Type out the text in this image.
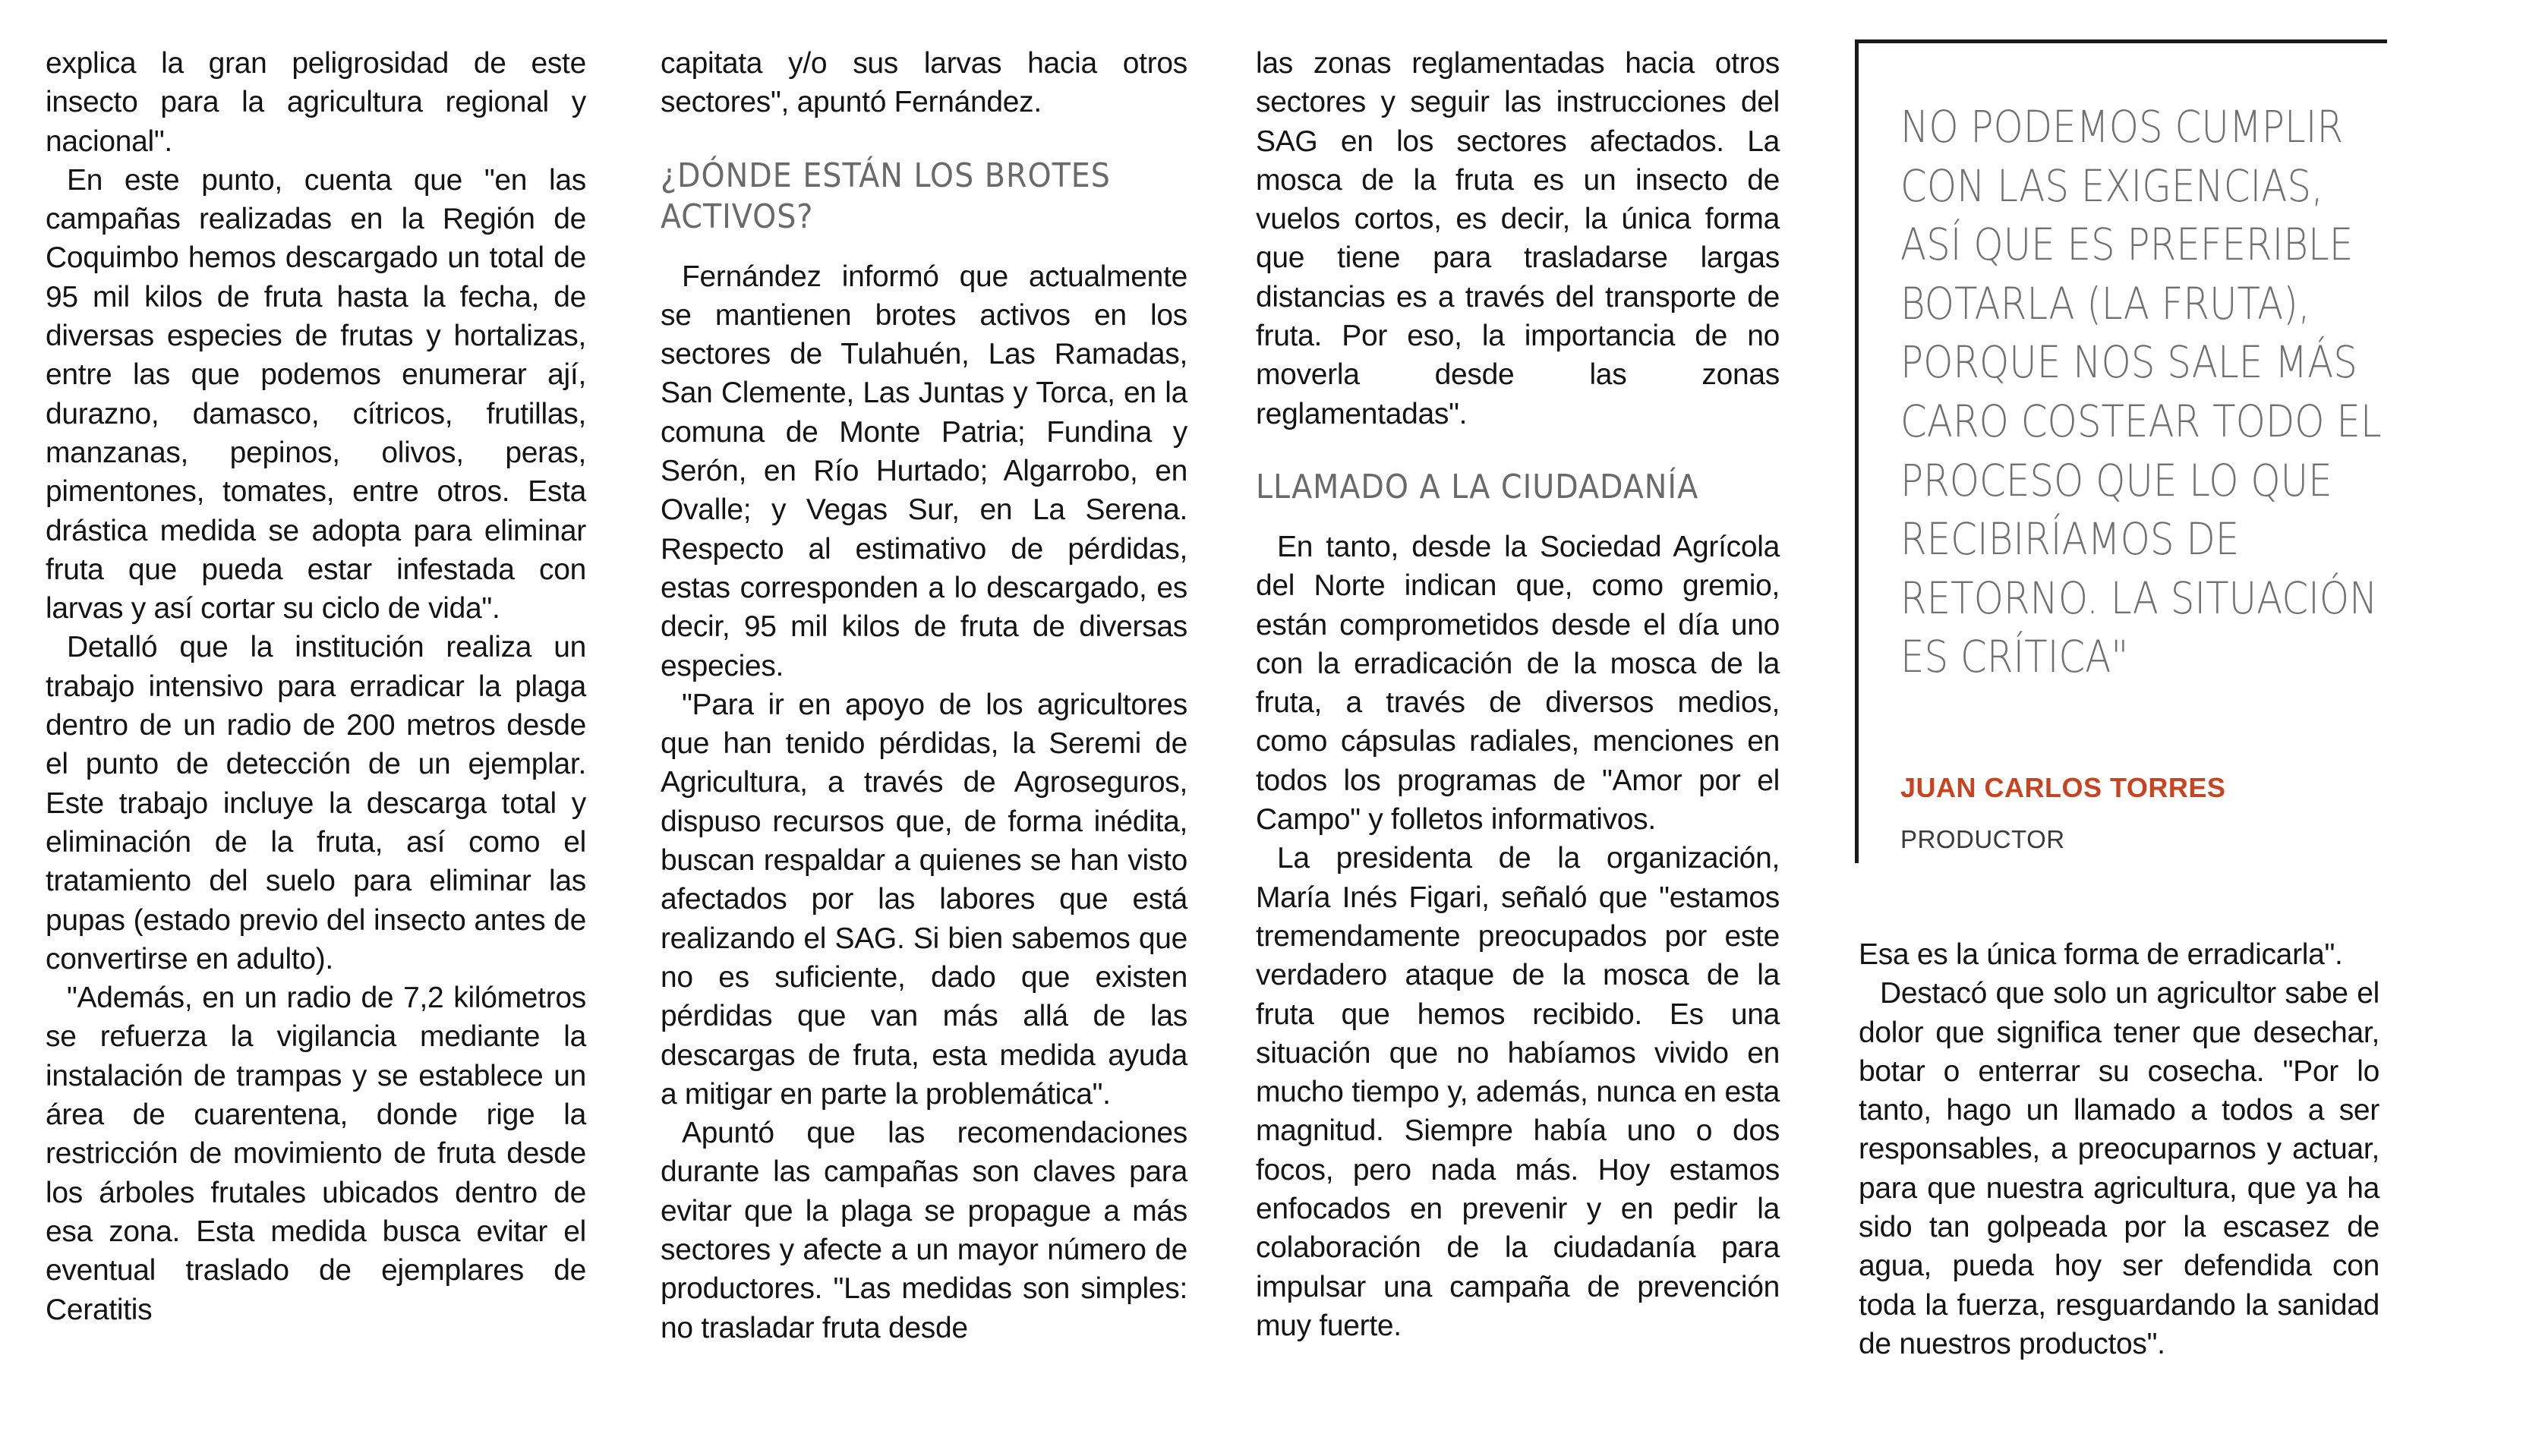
explica la gran peligrosidad de este insecto para la agricultura regional y nacional".

En este punto, cuenta que "en las campañas realizadas en la Región de Coquimbo hemos descargado un total de 95 mil kilos de fruta hasta la fecha, de diversas especies de frutas y hortalizas, entre las que podemos enumerar ají, durazno, damasco, cítricos, frutillas, manzanas, pepinos, olivos, peras, pimentones, tomates, entre otros. Esta drástica medida se adopta para eliminar fruta que pueda estar infestada con larvas y así cortar su ciclo de vida".

Detalló que la institución realiza un trabajo intensivo para erradicar la plaga dentro de un radio de 200 metros desde el punto de detección de un ejemplar. Este trabajo incluye la descarga total y eliminación de la fruta, así como el tratamiento del suelo para eliminar las pupas (estado previo del insecto antes de convertirse en adulto).

"Además, en un radio de 7,2 kilómetros se refuerza la vigilancia mediante la instalación de trampas y se establece un área de cuarentena, donde rige la restricción de movimiento de fruta desde los árboles frutales ubicados dentro de esa zona. Esta medida busca evitar el eventual traslado de ejemplares de Ceratitis

capitata y/o sus larvas hacia otros sectores", apuntó Fernández.

¿DÓNDE ESTÁN LOS BROTES ACTIVOS?

Fernández informó que actualmente se mantienen brotes activos en los sectores de Tulahuén, Las Ramadas, San Clemente, Las Juntas y Torca, en la comuna de Monte Patria; Fundina y Serón, en Río Hurtado; Algarrobo, en Ovalle; y Vegas Sur, en La Serena. Respecto al estimativo de pérdidas, estas corresponden a lo descargado, es decir, 95 mil kilos de fruta de diversas especies.

"Para ir en apoyo de los agricultores que han tenido pérdidas, la Seremi de Agricultura, a través de Agroseguros, dispuso recursos que, de forma inédita, buscan respaldar a quienes se han visto afectados por las labores que está realizando el SAG. Si bien sabemos que no es suficiente, dado que existen pérdidas que van más allá de las descargas de fruta, esta medida ayuda a mitigar en parte la problemática".

Apuntó que las recomendaciones durante las campañas son claves para evitar que la plaga se propague a más sectores y afecte a un mayor número de productores. "Las medidas son simples: no trasladar fruta desde

las zonas reglamentadas hacia otros sectores y seguir las instrucciones del SAG en los sectores afectados. La mosca de la fruta es un insecto de vuelos cortos, es decir, la única forma que tiene para trasladarse largas distancias es a través del transporte de fruta. Por eso, la importancia de no moverla desde las zonas reglamentadas".

LLAMADO A LA CIUDADANÍA

En tanto, desde la Sociedad Agrícola del Norte indican que, como gremio, están comprometidos desde el día uno con la erradicación de la mosca de la fruta, a través de diversos medios, como cápsulas radiales, menciones en todos los programas de "Amor por el Campo" y folletos informativos.

La presidenta de la organización, María Inés Figari, señaló que "estamos tremendamente preocupados por este verdadero ataque de la mosca de la fruta que hemos recibido. Es una situación que no habíamos vivido en mucho tiempo y, además, nunca en esta magnitud. Siempre había uno o dos focos, pero nada más. Hoy estamos enfocados en prevenir y en pedir la colaboración de la ciudadanía para impulsar una campaña de prevención muy fuerte.

NO PODEMOS CUMPLIR CON LAS EXIGENCIAS, ASÍ QUE ES PREFERIBLE BOTARLA (LA FRUTA), PORQUE NOS SALE MÁS CARO COSTEAR TODO EL PROCESO QUE LO QUE RECIBIRÍAMOS DE RETORNO. LA SITUACIÓN ES CRÍTICA"
JUAN CARLOS TORRES
PRODUCTOR

Esa es la única forma de erradicarla".

Destacó que solo un agricultor sabe el dolor que significa tener que desechar, botar o enterrar su cosecha. "Por lo tanto, hago un llamado a todos a ser responsables, a preocuparnos y actuar, para que nuestra agricultura, que ya ha sido tan golpeada por la escasez de agua, pueda hoy ser defendida con toda la fuerza, resguardando la sanidad de nuestros productos".
